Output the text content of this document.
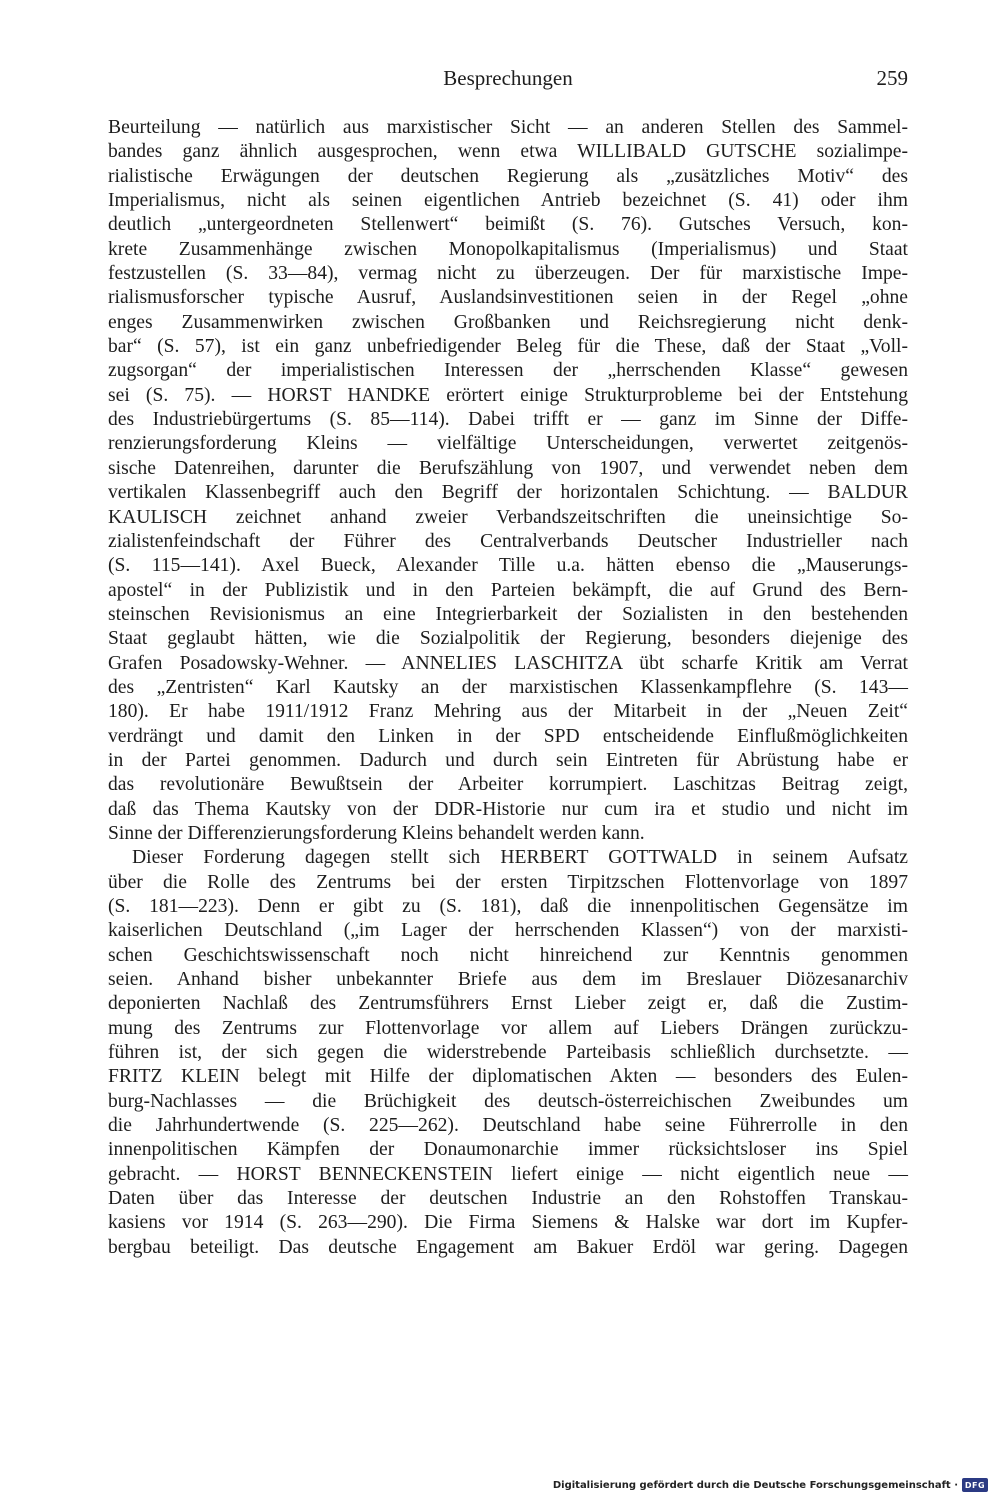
Besprechungen	259
Beurteilung — natürlich aus marxistischer Sicht — an anderen Stellen des Sammel-
bandes ganz ähnlich ausgesprochen, wenn etwa WILLIBALD GUTSCHE sozialimpe-
rialistische Erwägungen der deutschen Regierung als „zusätzliches Motiv“ des
Imperialismus, nicht als seinen eigentlichen Antrieb bezeichnet (S. 41) oder ihm
deutlich „untergeordneten Stellenwert“ beimißt (S. 76). Gutsches Versuch, kon-
krete Zusammenhänge zwischen Monopolkapitalismus (Imperialismus) und Staat
festzustellen (S. 33—84), vermag nicht zu überzeugen. Der für marxistische Impe-
rialismusforscher typische Ausruf, Auslandsinvestitionen seien in der Regel „ohne
enges Zusammenwirken zwischen Großbanken und Reichsregierung nicht denk-
bar“ (S. 57), ist ein ganz unbefriedigender Beleg für die These, daß der Staat „Voll-
zugsorgan“ der imperialistischen Interessen der „herrschenden Klasse“ gewesen
sei (S. 75). — HORST HANDKE erörtert einige Strukturprobleme bei der Entstehung
des Industriebürgertums (S. 85—114). Dabei trifft er — ganz im Sinne der Diffe-
renzierungsforderung Kleins — vielfältige Unterscheidungen, verwertet zeitgenös-
sische Datenreihen, darunter die Berufszählung von 1907, und verwendet neben dem
vertikalen Klassenbegriff auch den Begriff der horizontalen Schichtung. — BALDUR
KAULISCH zeichnet anhand zweier Verbandszeitschriften die uneinsichtige So-
zialistenfeindschaft der Führer des Centralverbands Deutscher Industrieller nach
(S. 115—141). Axel Bueck, Alexander Tille u.a. hätten ebenso die „Mauserungs-
apostel“ in der Publizistik und in den Parteien bekämpft, die auf Grund des Bern-
steinschen Revisionismus an eine Integrierbarkeit der Sozialisten in den bestehenden
Staat geglaubt hätten, wie die Sozialpolitik der Regierung, besonders diejenige des
Grafen Posadowsky-Wehner. — ANNELIES LASCHITZA übt scharfe Kritik am Verrat
des „Zentristen“ Karl Kautsky an der marxistischen Klassenkampflehre (S. 143—
180). Er habe 1911/1912 Franz Mehring aus der Mitarbeit in der „Neuen Zeit“
verdrängt und damit den Linken in der SPD entscheidende Einflußmöglichkeiten
in der Partei genommen. Dadurch und durch sein Eintreten für Abrüstung habe er
das revolutionäre Bewußtsein der Arbeiter korrumpiert. Laschitzas Beitrag zeigt,
daß das Thema Kautsky von der DDR-Historie nur cum ira et studio und nicht im
Sinne der Differenzierungsforderung Kleins behandelt werden kann.
Dieser Forderung dagegen stellt sich HERBERT GOTTWALD in seinem Aufsatz
über die Rolle des Zentrums bei der ersten Tirpitzschen Flottenvorlage von 1897
(S. 181—223). Denn er gibt zu (S. 181), daß die innenpolitischen Gegensätze im
kaiserlichen Deutschland („im Lager der herrschenden Klassen“) von der marxisti-
schen Geschichtswissenschaft noch nicht hinreichend zur Kenntnis genommen
seien. Anhand bisher unbekannter Briefe aus dem im Breslauer Diözesanarchiv
deponierten Nachlaß des Zentrumsführers Ernst Lieber zeigt er, daß die Zustim-
mung des Zentrums zur Flottenvorlage vor allem auf Liebers Drängen zurückzu-
führen ist, der sich gegen die widerstrebende Parteibasis schließlich durchsetzte. —
FRITZ KLEIN belegt mit Hilfe der diplomatischen Akten — besonders des Eulen-
burg-Nachlasses — die Brüchigkeit des deutsch-österreichischen Zweibundes um
die Jahrhundertwende (S. 225—262). Deutschland habe seine Führerrolle in den
innenpolitischen Kämpfen der Donaumonarchie immer rücksichtsloser ins Spiel
gebracht. — HORST BENNECKENSTEIN liefert einige — nicht eigentlich neue —
Daten über das Interesse der deutschen Industrie an den Rohstoffen Transkau-
kasiens vor 1914 (S. 263—290). Die Firma Siemens & Halske war dort im Kupfer-
bergbau beteiligt. Das deutsche Engagement am Bakuer Erdöl war gering. Dagegen
Digitalisierung gefördert durch die Deutsche Forschungsgemeinschaft · DFG
